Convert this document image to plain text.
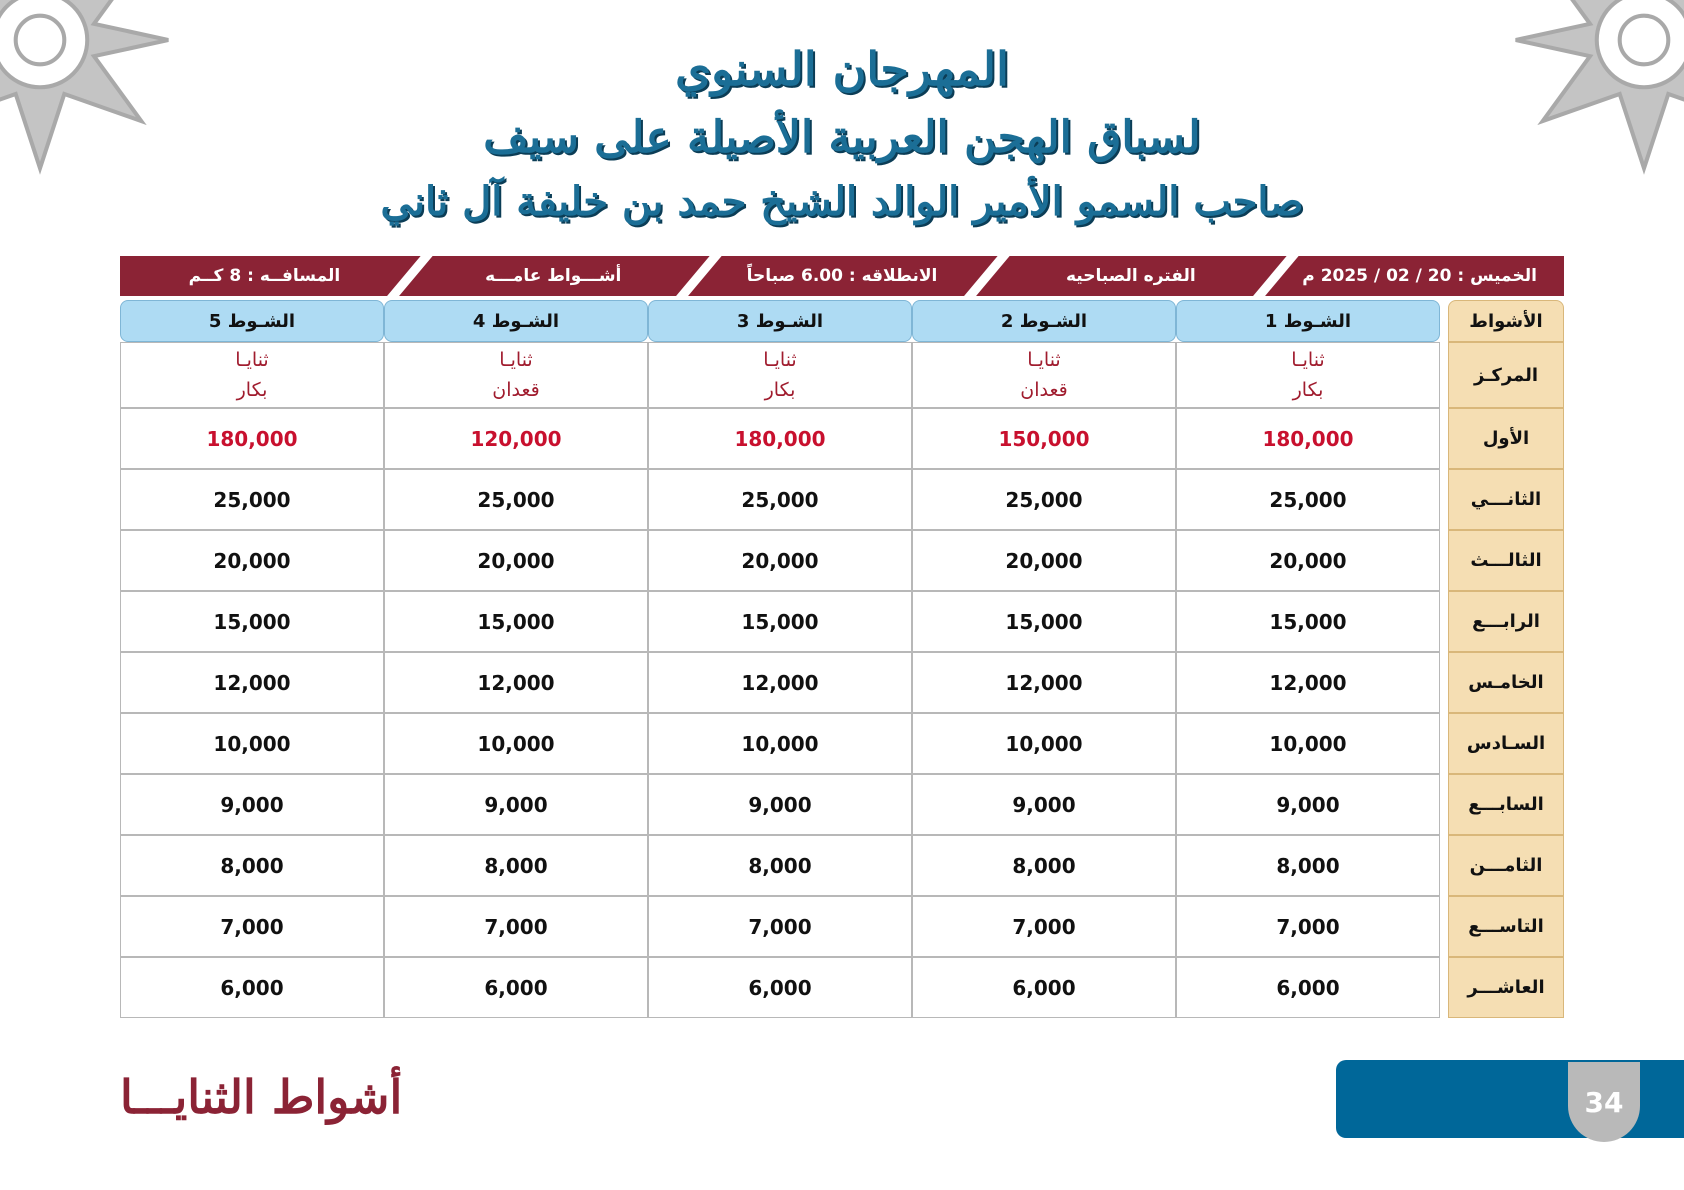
المهرجان السنوي
لسباق الهجن العربية الأصيلة على سيف
صاحب السمو الأمير الوالد الشيخ حمد بن خليفة آل ثاني
الخميس : 20 / 02 / 2025 م
الفتره الصباحيه
الانطلاقه : 6.00 صباحاً
أشـــواط عامـــه
المسافــه : 8 كــم
الأشواط
الشـوط 1
الشـوط 2
الشـوط 3
الشـوط 4
الشـوط 5
المركـز
ثنايـا
بكار
ثنايـا
قعدان
ثنايـا
بكار
ثنايـا
قعدان
ثنايـا
بكار
الأول
180,000
150,000
180,000
120,000
180,000
الثانـــي
25,000
25,000
25,000
25,000
25,000
الثالـــث
20,000
20,000
20,000
20,000
20,000
الرابـــع
15,000
15,000
15,000
15,000
15,000
الخامـس
12,000
12,000
12,000
12,000
12,000
السـادس
10,000
10,000
10,000
10,000
10,000
السابـــع
9,000
9,000
9,000
9,000
9,000
الثامـــن
8,000
8,000
8,000
8,000
8,000
التاســـع
7,000
7,000
7,000
7,000
7,000
العاشـــر
6,000
6,000
6,000
6,000
6,000
أشواط الثنايـــا	34
